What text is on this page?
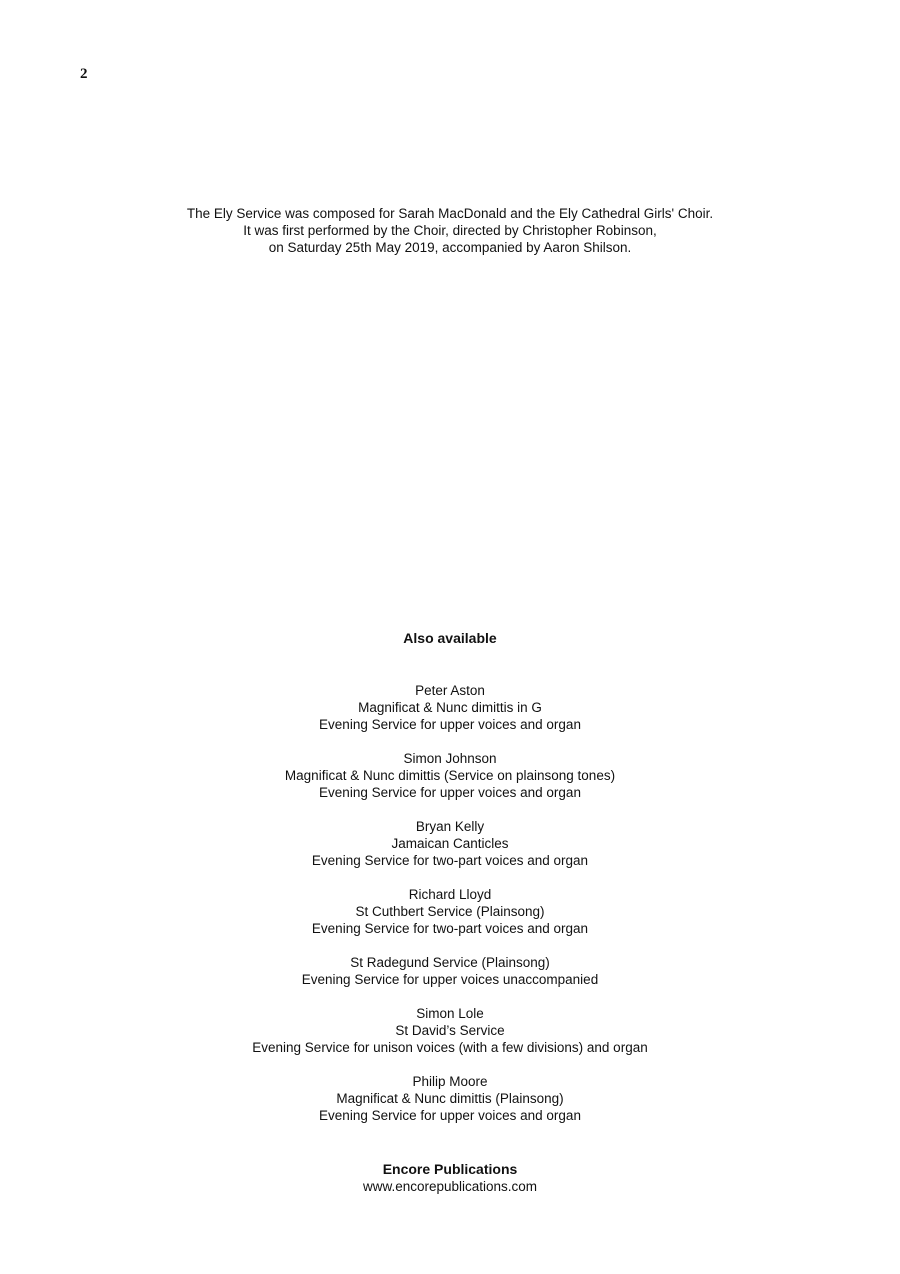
2
The Ely Service was composed for Sarah MacDonald and the Ely Cathedral Girls' Choir.
It was first performed by the Choir, directed by Christopher Robinson,
on Saturday 25th May 2019, accompanied by Aaron Shilson.
Also available
Peter Aston
Magnificat & Nunc dimittis in G
Evening Service for upper voices and organ
Simon Johnson
Magnificat & Nunc dimittis (Service on plainsong tones)
Evening Service for upper voices and organ
Bryan Kelly
Jamaican Canticles
Evening Service for two-part voices and organ
Richard Lloyd
St Cuthbert Service (Plainsong)
Evening Service for two-part voices and organ
St Radegund Service (Plainsong)
Evening Service for upper voices unaccompanied
Simon Lole
St David’s Service
Evening Service for unison voices (with a few divisions) and organ
Philip Moore
Magnificat & Nunc dimittis (Plainsong)
Evening Service for upper voices and organ
Encore Publications
www.encorepublications.com
